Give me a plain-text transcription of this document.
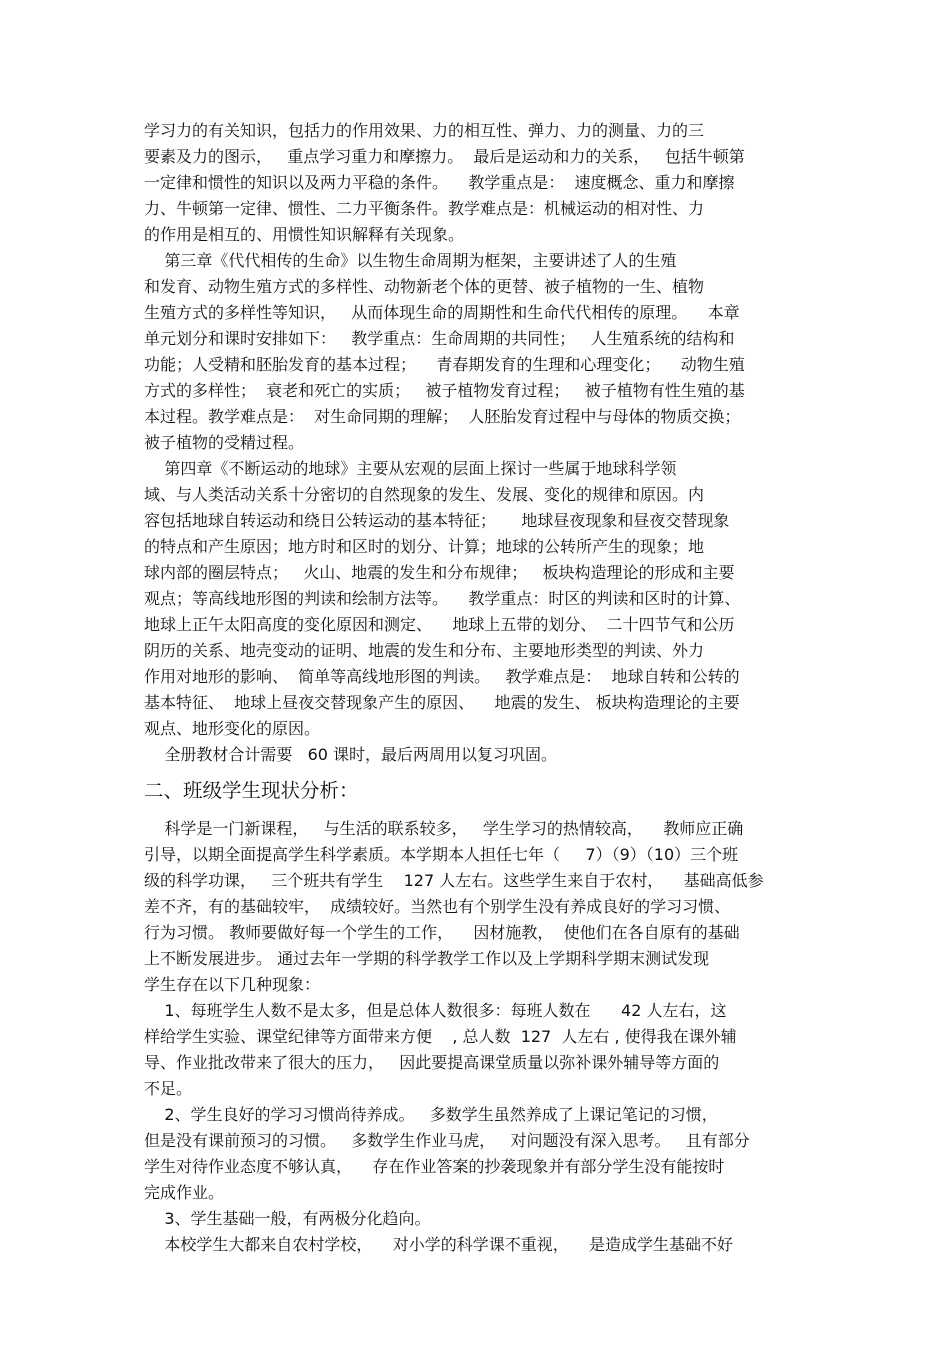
学习力的有关知识，包括力的作用效果、力的相互性、弹力、力的测量、力的三
要素及力的图示，   重点学习重力和摩擦力。  最后是运动和力的关系，   包括牛顿第
一定律和惯性的知识以及两力平稳的条件。    教学重点是：  速度概念、重力和摩擦
力、牛顿第一定律、惯性、二力平衡条件。教学难点是：机械运动的相对性、力
的作用是相互的、用惯性知识解释有关现象。
第三章《代代相传的生命》以生物生命周期为框架，主要讲述了人的生殖
和发育、动物生殖方式的多样性、动物新老个体的更替、被子植物的一生、植物
生殖方式的多样性等知识，   从而体现生命的周期性和生命代代相传的原理。    本章
单元划分和课时安排如下：   教学重点：生命周期的共同性；   人生殖系统的结构和
功能；人受精和胚胎发育的基本过程；    青春期发育的生理和心理变化；    动物生殖
方式的多样性；  衰老和死亡的实质；   被子植物发育过程；   被子植物有性生殖的基
本过程。教学难点是：  对生命同期的理解；  人胚胎发育过程中与母体的物质交换；
被子植物的受精过程。
第四章《不断运动的地球》主要从宏观的层面上探讨一些属于地球科学领
域、与人类活动关系十分密切的自然现象的发生、发展、变化的规律和原因。内
容包括地球自转运动和绕日公转运动的基本特征；     地球昼夜现象和昼夜交替现象
的特点和产生原因；地方时和区时的划分、计算；地球的公转所产生的现象；地
球内部的圈层特点；   火山、地震的发生和分布规律；   板块构造理论的形成和主要
观点；等高线地形图的判读和绘制方法等。    教学重点：时区的判读和区时的计算、
地球上正午太阳高度的变化原因和测定、    地球上五带的划分、  二十四节气和公历
阴历的关系、地壳变动的证明、地震的发生和分布、主要地形类型的判读、外力
作用对地形的影响、  简单等高线地形图的判读。   教学难点是：  地球自转和公转的
基本特征、  地球上昼夜交替现象产生的原因、    地震的发生、 板块构造理论的主要
观点、地形变化的原因。
全册教材合计需要   60 课时，最后两周用以复习巩固。
二、班级学生现状分析：
科学是一门新课程，   与生活的联系较多，   学生学习的热情较高，    教师应正确
引导，以期全面提高学生科学素质。本学期本人担任七年（     7）（9）（10）三个班
级的科学功课，   三个班共有学生    127 人左右。这些学生来自于农村，    基础高低参
差不齐，有的基础较牢，  成绩较好。当然也有个别学生没有养成良好的学习习惯、
行为习惯。 教师要做好每一个学生的工作，    因材施教，  使他们在各自原有的基础
上不断发展进步。 通过去年一学期的科学教学工作以及上学期科学期末测试发现
学生存在以下几种现象：
1、每班学生人数不是太多，但是总体人数很多：每班人数在      42 人左右，这
样给学生实验、课堂纪律等方面带来方便    , 总人数  127  人左右 , 使得我在课外辅
导、作业批改带来了很大的压力，   因此要提高课堂质量以弥补课外辅导等方面的
不足。
2、学生良好的学习习惯尚待养成。   多数学生虽然养成了上课记笔记的习惯，
但是没有课前预习的习惯。   多数学生作业马虎，   对问题没有深入思考。   且有部分
学生对待作业态度不够认真，    存在作业答案的抄袭现象并有部分学生没有能按时
完成作业。
3、学生基础一般，有两极分化趋向。
本校学生大都来自农村学校，    对小学的科学课不重视，    是造成学生基础不好
